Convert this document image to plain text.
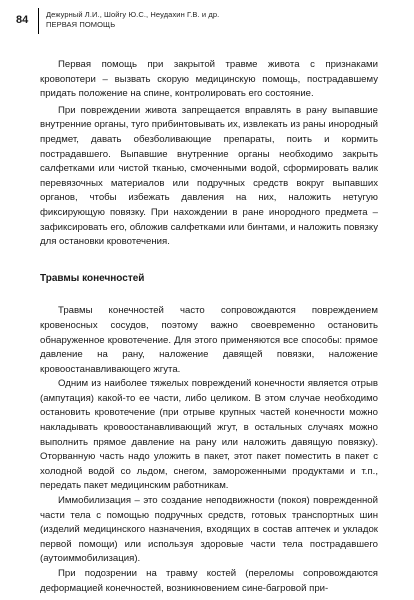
84 Дежурный Л.И., Шойгу Ю.С., Неудахин Г.В. и др.
ПЕРВАЯ ПОМОЩЬ

Первая помощь при закрытой травме живота с признаками кровопотери – вызвать скорую медицинскую помощь, пострадавшему придать положение на спине, контролировать его состояние.

При повреждении живота запрещается вправлять в рану выпавшие внутренние органы, туго прибинтовывать их, извлекать из раны инородный предмет, давать обезболивающие препараты, поить и кормить пострадавшего. Выпавшие внутренние органы необходимо закрыть салфетками или чистой тканью, смоченными водой, сформировать валик перевязочных материалов или подручных средств вокруг выпавших органов, чтобы избежать давления на них, наложить нетугую фиксирующую повязку. При нахождении в ране инородного предмета – зафиксировать его, обложив салфетками или бинтами, и наложить повязку для остановки кровотечения.

Травмы конечностей

Травмы конечностей часто сопровождаются повреждением кровеносных сосудов, поэтому важно своевременно остановить обнаруженное кровотечение. Для этого применяются все способы: прямое давление на рану, наложение давящей повязки, наложение кровоостанавливающего жгута.

Одним из наиболее тяжелых повреждений конечности является отрыв (ампутация) какой-то ее части, либо целиком. В этом случае необходимо остановить кровотечение (при отрыве крупных частей конечности можно накладывать кровоостанавливающий жгут, в остальных случаях можно выполнить прямое давление на рану или наложить давящую повязку). Оторванную часть надо уложить в пакет, этот пакет поместить в пакет с холодной водой со льдом, снегом, замороженными продуктами и т.п., передать пакет медицинским работникам.

Иммобилизация – это создание неподвижности (покоя) поврежденной части тела с помощью подручных средств, готовых транспортных шин (изделий медицинского назначения, входящих в состав аптечек и укладок первой помощи) или используя здоровые части тела пострадавшего (аутоиммобилизация).

При подозрении на травму костей (переломы сопровождаются деформацией конечностей, возникновением сине-багровой при-
